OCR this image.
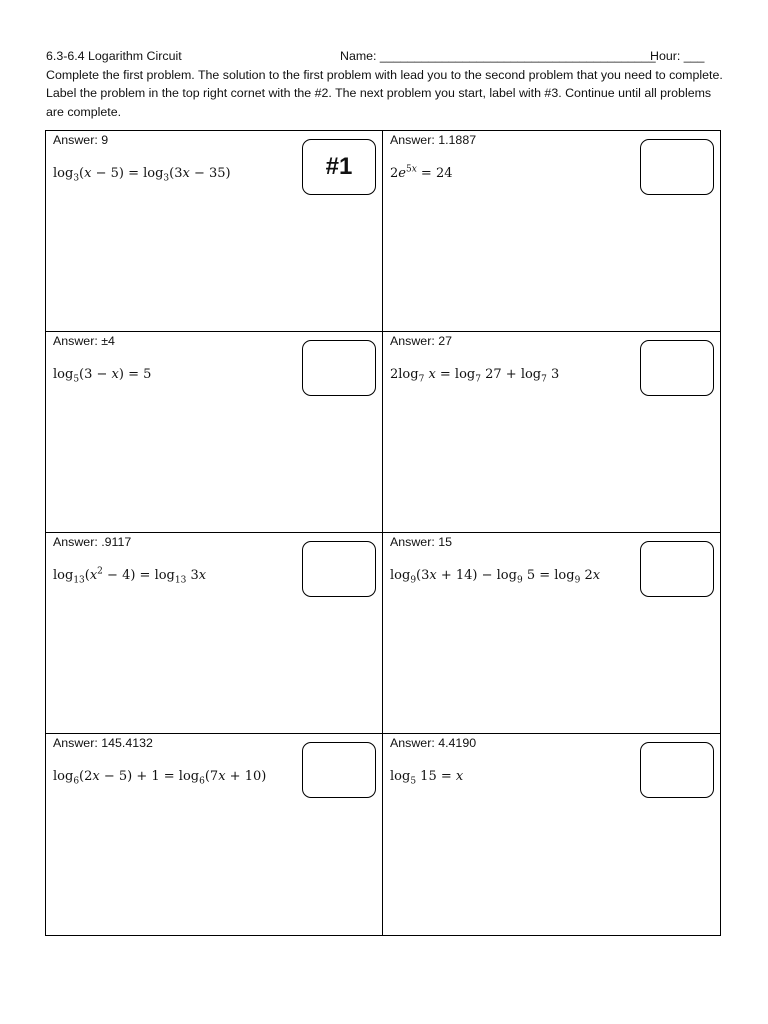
6.3-6.4 Logarithm Circuit	Name: ________________________________________
Hour: ___

Complete the first problem. The solution to the first problem with lead you to the second problem that you need to complete. Label the problem in the top right cornet with the #2. The next problem you start, label with #3. Continue until all problems are complete.

Answer: 9
$\log_3(𝑥 - 5)$ = $\log_3(3𝑥 - 35)$	#1
Answer: 1.1887
2𝑒$^{5𝑥}$ = 24
Answer: ±4
$\log_5(3$ − 𝑥) = 5
Answer: 27
$2\log_7$ 𝑥 = $\log_7 27 + \log_7 3$
Answer: .9117
$\log_{13}(𝑥^2 - 4) = \log_{13}$ 3𝑥
Answer: 15
$\log_9(3𝑥 + 14) - \log_9 5 = \log_9$ 2𝑥
Answer: 145.4132
$\log_6(2𝑥 - 5) + 1$ = $\log_6(7𝑥 + 10)$
Answer: 4.4190
$\log_5 15$ = 𝑥
